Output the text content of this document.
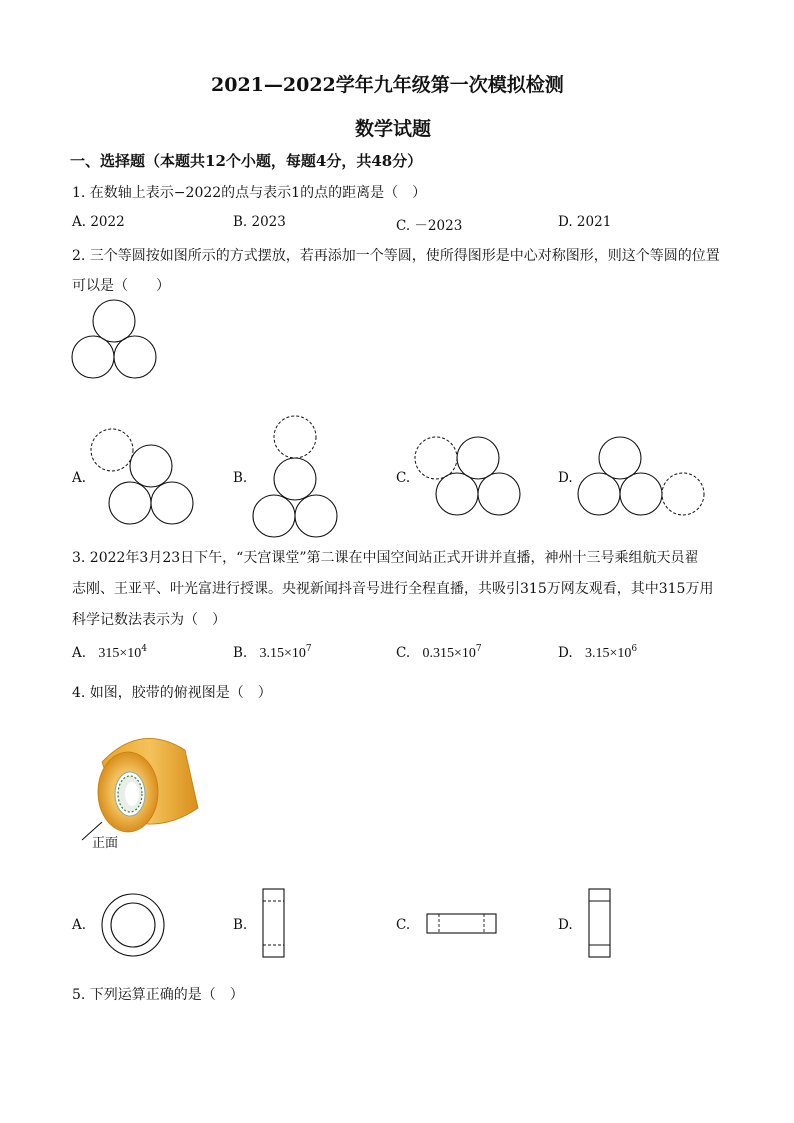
2021—2022学年九年级第一次模拟检测
数学试题
一、选择题（本题共12个小题，每题4分，共48分）
1. 在数轴上表示−2022的点与表示1的点的距离是（　）
A. 2022	B. 2023	C. －2023	D. 2021
2. 三个等圆按如图所示的方式摆放，若再添加一个等圆，使所得图形是中心对称图形，则这个等圆的位置
可以是（　　）
A.	B.	C.	D.
3. 2022年3月23日下午，“天宫课堂”第二课在中国空间站正式开讲并直播，神州十三号乘组航天员翟
志刚、王亚平、叶光富进行授课。央视新闻抖音号进行全程直播，共吸引315万网友观看，其中315万用
科学记数法表示为（　）
A. $315\times 10^4$	B. $3.15\times 10^7$	C. $0.315\times 10^7$	D. $3.15\times 10^6$
4. 如图，胶带的俯视图是（　）
正面
A.	B.	C.	D.
5. 下列运算正确的是（　）
